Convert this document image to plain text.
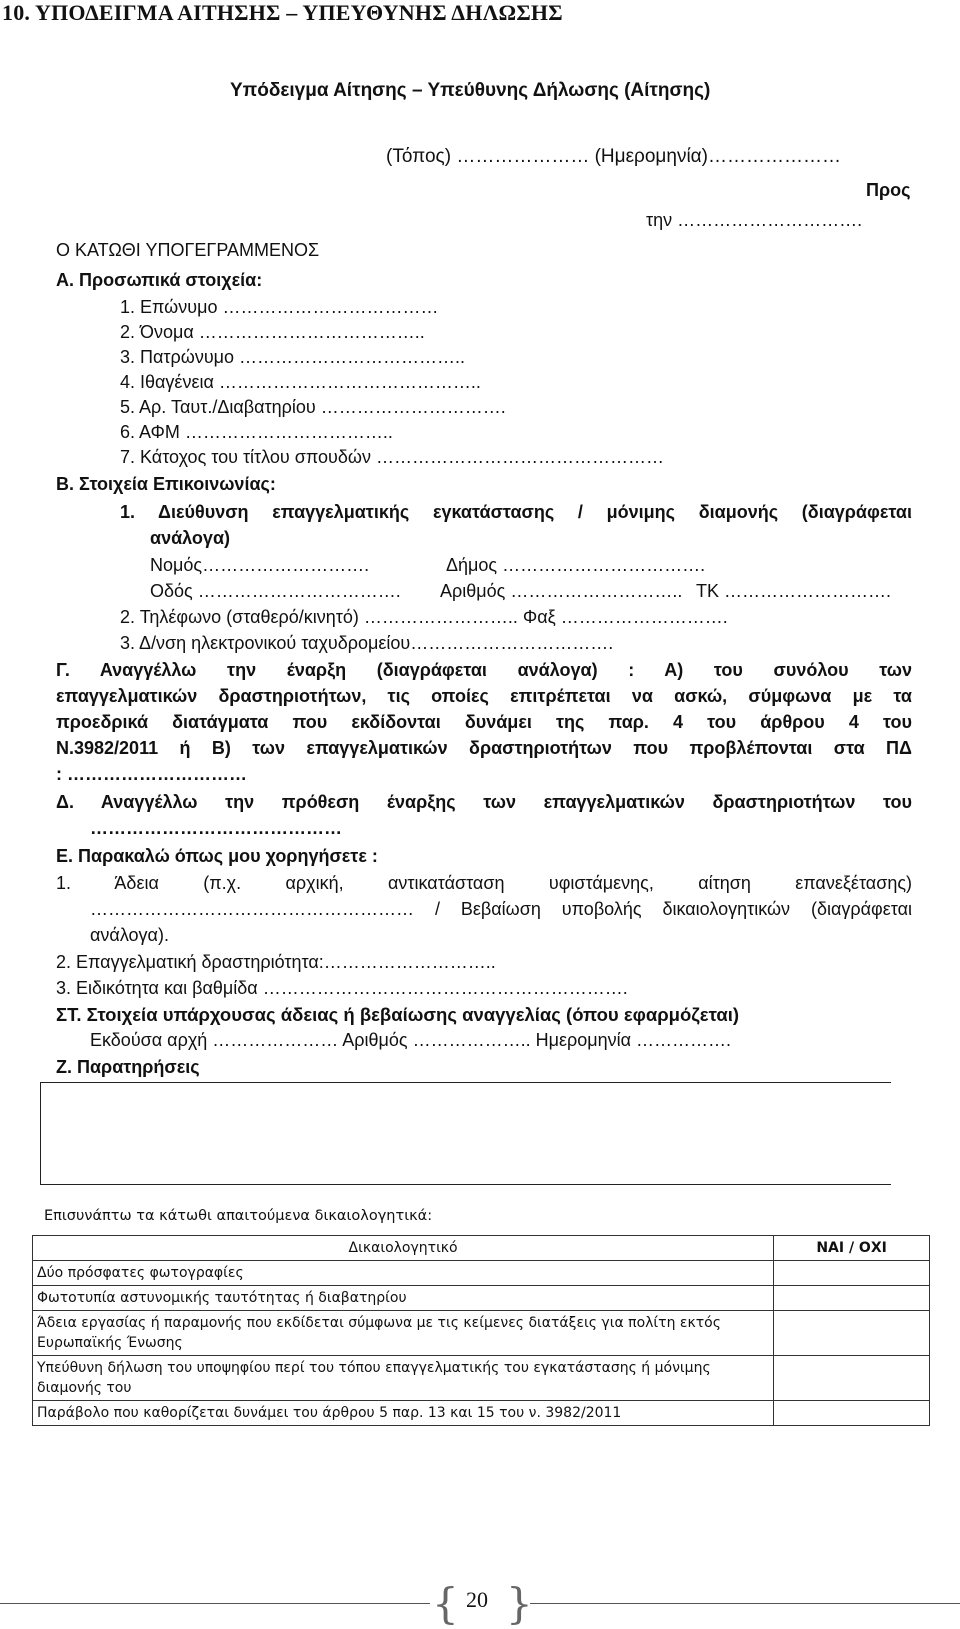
10. ΥΠΟΔΕΙΓΜΑ ΑΙΤΗΣΗΣ – ΥΠΕΥΘΥΝΗΣ ΔΗΛΩΣΗΣ
Υπόδειγμα Αίτησης – Υπεύθυνης Δήλωσης (Αίτησης)
(Τόπος) ………………… (Ημερομηνία)…………………
Προς
την ………………………….
Ο ΚΑΤΩΘΙ ΥΠΟΓΕΓΡΑΜΜΕΝΟΣ
Α. Προσωπικά στοιχεία:
1. Επώνυμο ………………………………
2. Όνομα ………………………………..
3. Πατρώνυμο ………………………………..
4. Ιθαγένεια ……………………………………..
5. Αρ. Ταυτ./Διαβατηρίου ………………………….
6. ΑΦΜ ……………………………..
7. Κάτοχος του τίτλου σπουδών …………………………………………
Β. Στοιχεία Επικοινωνίας:
1. Διεύθυνση επαγγελματικής εγκατάστασης / μόνιμης διαμονής (διαγράφεται
ανάλογα)
Νομός……………………….	Δήμος …………………………….
Οδός ……………………………. Αριθμός ……………………….. ΤΚ ……………………….
2. Τηλέφωνο (σταθερό/κινητό) …………………….. Φαξ ……………………….
3. Δ/νση ηλεκτρονικού ταχυδρομείου…………………………….
Γ. Αναγγέλλω την έναρξη (διαγράφεται ανάλογα) : Α) του συνόλου των
επαγγελματικών δραστηριοτήτων, τις οποίες επιτρέπεται να ασκώ, σύμφωνα με τα
προεδρικά διατάγματα που εκδίδονται δυνάμει της παρ. 4 του άρθρου 4 του
Ν.3982/2011 ή Β) των επαγγελματικών δραστηριοτήτων που προβλέπονται στα ΠΔ
: …………………………
Δ. Αναγγέλλω την πρόθεση έναρξης των επαγγελματικών δραστηριοτήτων του
……………………………………
Ε. Παρακαλώ όπως μου χορηγήσετε :
1. Άδεια (π.χ. αρχική, αντικατάσταση υφιστάμενης, αίτηση επανεξέτασης)
……………………………………………… / Βεβαίωση υποβολής δικαιολογητικών (διαγράφεται
ανάλογα).
2. Επαγγελματική δραστηριότητα:………………………..
3. Ειδικότητα και βαθμίδα …………………………………………………….
ΣΤ. Στοιχεία υπάρχουσας άδειας ή βεβαίωσης αναγγελίας (όπου εφαρμόζεται)
Εκδούσα αρχή ………………… Αριθμός ……………….. Ημερομηνία …………….
Ζ. Παρατηρήσεις
Επισυνάπτω τα κάτωθι απαιτούμενα δικαιολογητικά:
Δικαιολογητικό	ΝΑΙ / ΟΧΙ
Δύο πρόσφατες φωτογραφίες	
Φωτοτυπία αστυνομικής ταυτότητας ή διαβατηρίου	
Άδεια εργασίας ή παραμονής που εκδίδεται σύμφωνα με τις κείμενες διατάξεις για πολίτη εκτός Ευρωπαϊκής Ένωσης	
Υπεύθυνη δήλωση του υποψηφίου περί του τόπου επαγγελματικής του εγκατάστασης ή μόνιμης διαμονής του	
Παράβολο που καθορίζεται δυνάμει του άρθρου 5 παρ. 13 και 15 του ν. 3982/2011	
{ }
20
